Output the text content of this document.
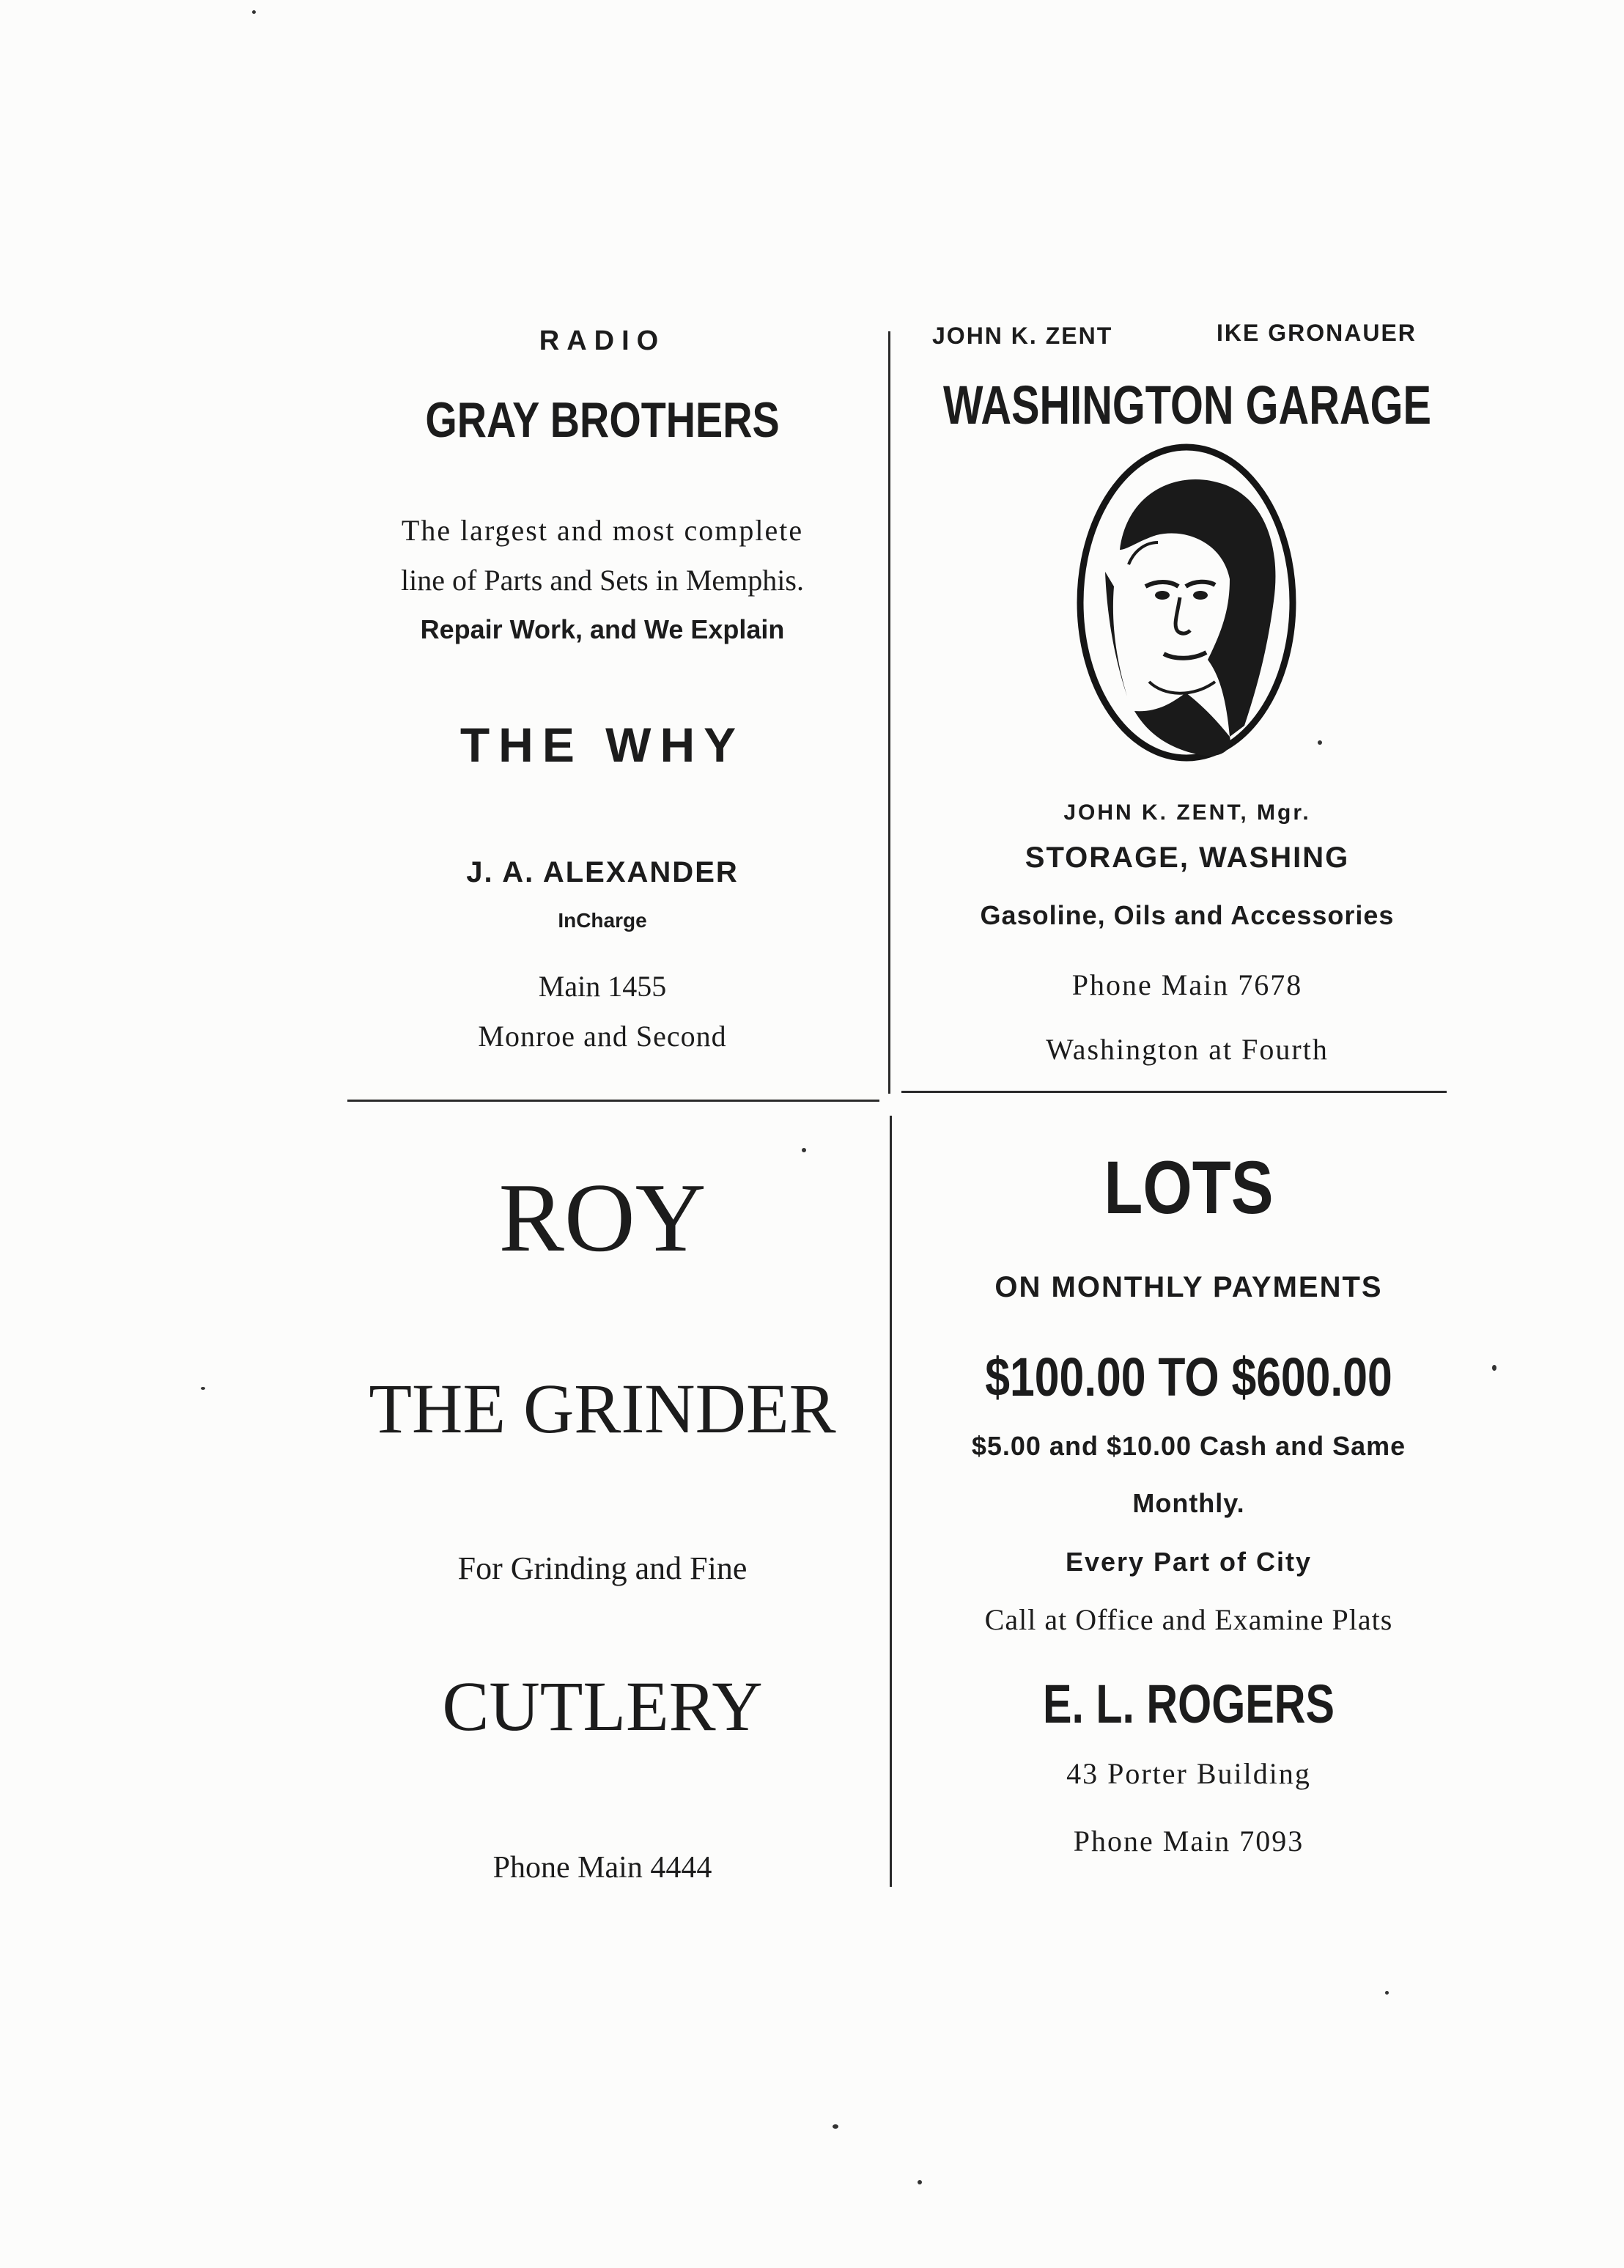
RADIO
GRAY BROTHERS
The largest and most complete
line of Parts and Sets in Memphis.
Repair Work, and We Explain
THE WHY
J. A. ALEXANDER
InCharge
Main 1455
Monroe and Second
JOHN K. ZENT	IKE GRONAUER
WASHINGTON GARAGE
JOHN K. ZENT, Mgr.
STORAGE, WASHING
Gasoline, Oils and Accessories
Phone Main 7678
Washington at Fourth
ROY
THE GRINDER
For Grinding and Fine
CUTLERY
Phone Main 4444
LOTS
ON MONTHLY PAYMENTS
$100.00 TO $600.00
$5.00 and $10.00 Cash and Same
Monthly.
Every Part of City
Call at Office and Examine Plats
E. L. ROGERS
43 Porter Building
Phone Main 7093
